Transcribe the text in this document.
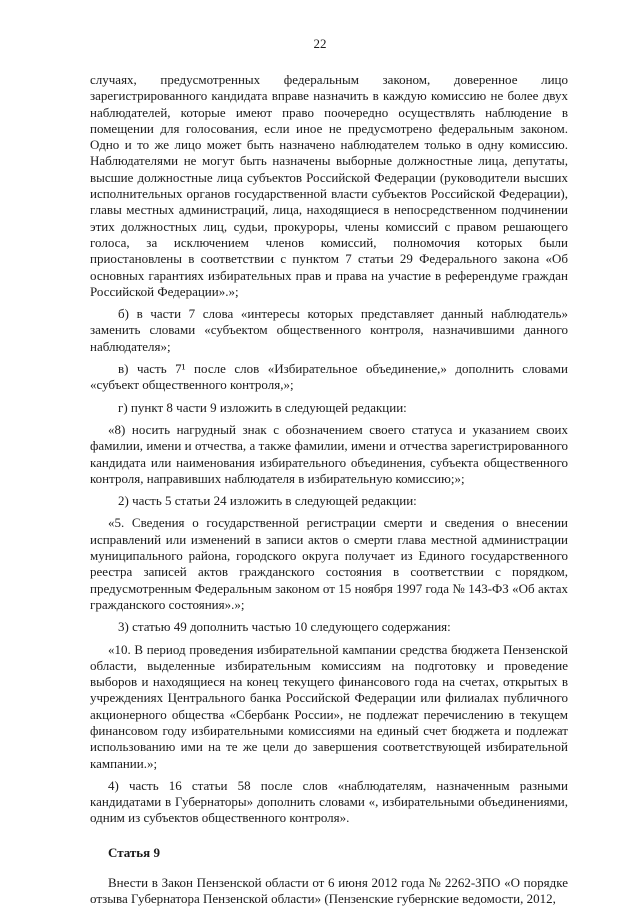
22

случаях, предусмотренных федеральным законом, доверенное лицо зарегистрированного кандидата вправе назначить в каждую комиссию не более двух наблюдателей, которые имеют право поочередно осуществлять наблюдение в помещении для голосования, если иное не предусмотрено федеральным законом. Одно и то же лицо может быть назначено наблюдателем только в одну комиссию. Наблюдателями не могут быть назначены выборные должностные лица, депутаты, высшие должностные лица субъектов Российской Федерации (руководители высших исполнительных органов государственной власти субъектов Российской Федерации), главы местных администраций, лица, находящиеся в непосредственном подчинении этих должностных лиц, судьи, прокуроры, члены комиссий с правом решающего голоса, за исключением членов комиссий, полномочия которых были приостановлены в соответствии с пунктом 7 статьи 29 Федерального закона «Об основных гарантиях избирательных прав и права на участие в референдуме граждан Российской Федерации».»;

б) в части 7 слова «интересы которых представляет данный наблюдатель» заменить словами «субъектом общественного контроля, назначившими данного наблюдателя»;

в) часть 7¹ после слов «Избирательное объединение,» дополнить словами «субъект общественного контроля,»;

г) пункт 8 части 9 изложить в следующей редакции:

«8) носить нагрудный знак с обозначением своего статуса и указанием своих фамилии, имени и отчества, а также фамилии, имени и отчества зарегистрированного кандидата или наименования избирательного объединения, субъекта общественного контроля, направивших наблюдателя в избирательную комиссию;»;

2) часть 5 статьи 24 изложить в следующей редакции:

«5. Сведения о государственной регистрации смерти и сведения о внесении исправлений или изменений в записи актов о смерти глава местной администрации муниципального района, городского округа получает из Единого государственного реестра записей актов гражданского состояния в соответствии с порядком, предусмотренным Федеральным законом от 15 ноября 1997 года № 143-ФЗ «Об актах гражданского состояния».»;

3) статью 49 дополнить частью 10 следующего содержания:

«10. В период проведения избирательной кампании средства бюджета Пензенской области, выделенные избирательным комиссиям на подготовку и проведение выборов и находящиеся на конец текущего финансового года на счетах, открытых в учреждениях Центрального банка Российской Федерации или филиалах публичного акционерного общества «Сбербанк России», не подлежат перечислению в текущем финансовом году избирательными комиссиями на единый счет бюджета и подлежат использованию ими на те же цели до завершения соответствующей избирательной кампании.»;

4) часть 16 статьи 58 после слов «наблюдателям, назначенным разными кандидатами в Губернаторы» дополнить словами «, избирательными объединениями, одним из субъектов общественного контроля».

Статья 9

Внести в Закон Пензенской области от 6 июня 2012 года № 2262-ЗПО «О порядке отзыва Губернатора Пензенской области» (Пензенские губернские ведомости, 2012,
